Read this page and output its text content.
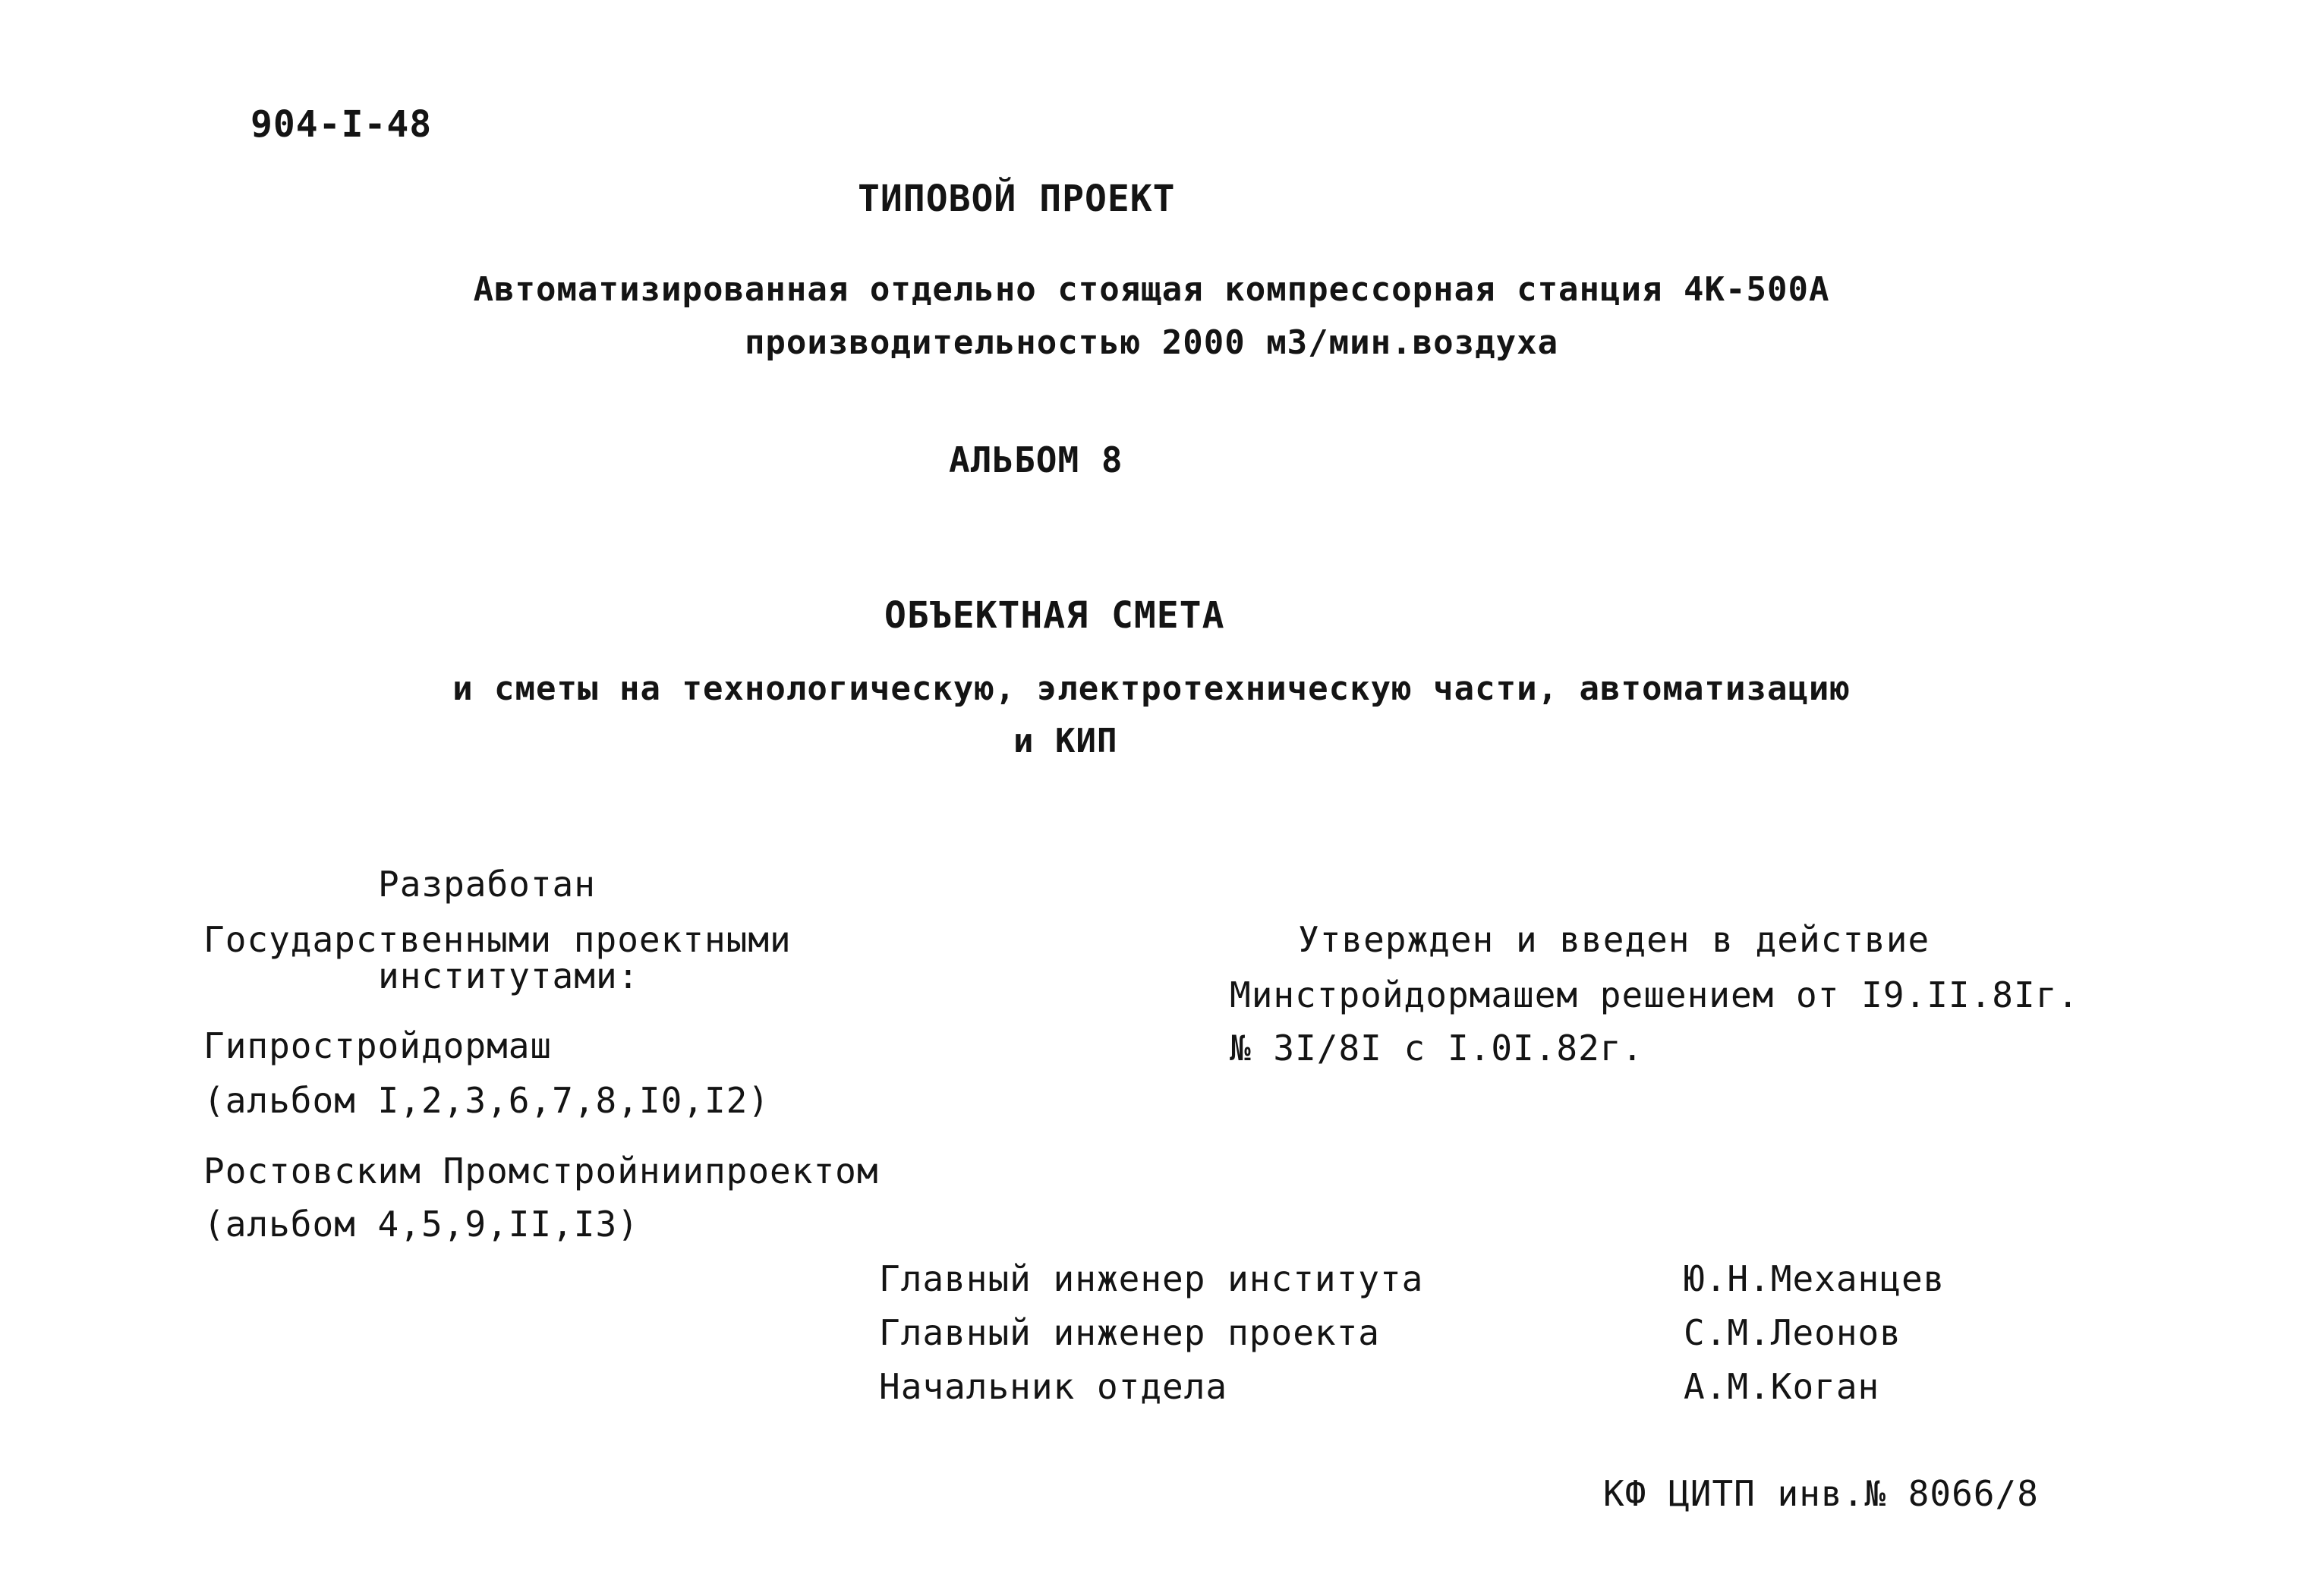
904-I-48
ТИПОВОЙ ПРОЕКТ
Автоматизированная отдельно стоящая компрессорная станция 4К-500А
производительностью 2000 м3/мин.воздуха
АЛЬБОМ 8
ОБЪЕКТНАЯ СМЕТА
и сметы на технологическую, электротехническую части, автоматизацию
и КИП
Разработан
Государственными проектными
институтами:
Гипростройдормаш
(альбом I,2,3,6,7,8,I0,I2)
Ростовским Промстройниипроектом
(альбом 4,5,9,II,I3)
Утвержден и введен в действие
Минстройдормашем решением от I9.II.8Iг.
№ 3I/8I с I.0I.82г.
Главный инженер института	Ю.Н.Механцев
Главный инженер проекта	С.М.Леонов
Начальник отдела	А.М.Коган
КФ ЦИТП инв.№ 8066/8
